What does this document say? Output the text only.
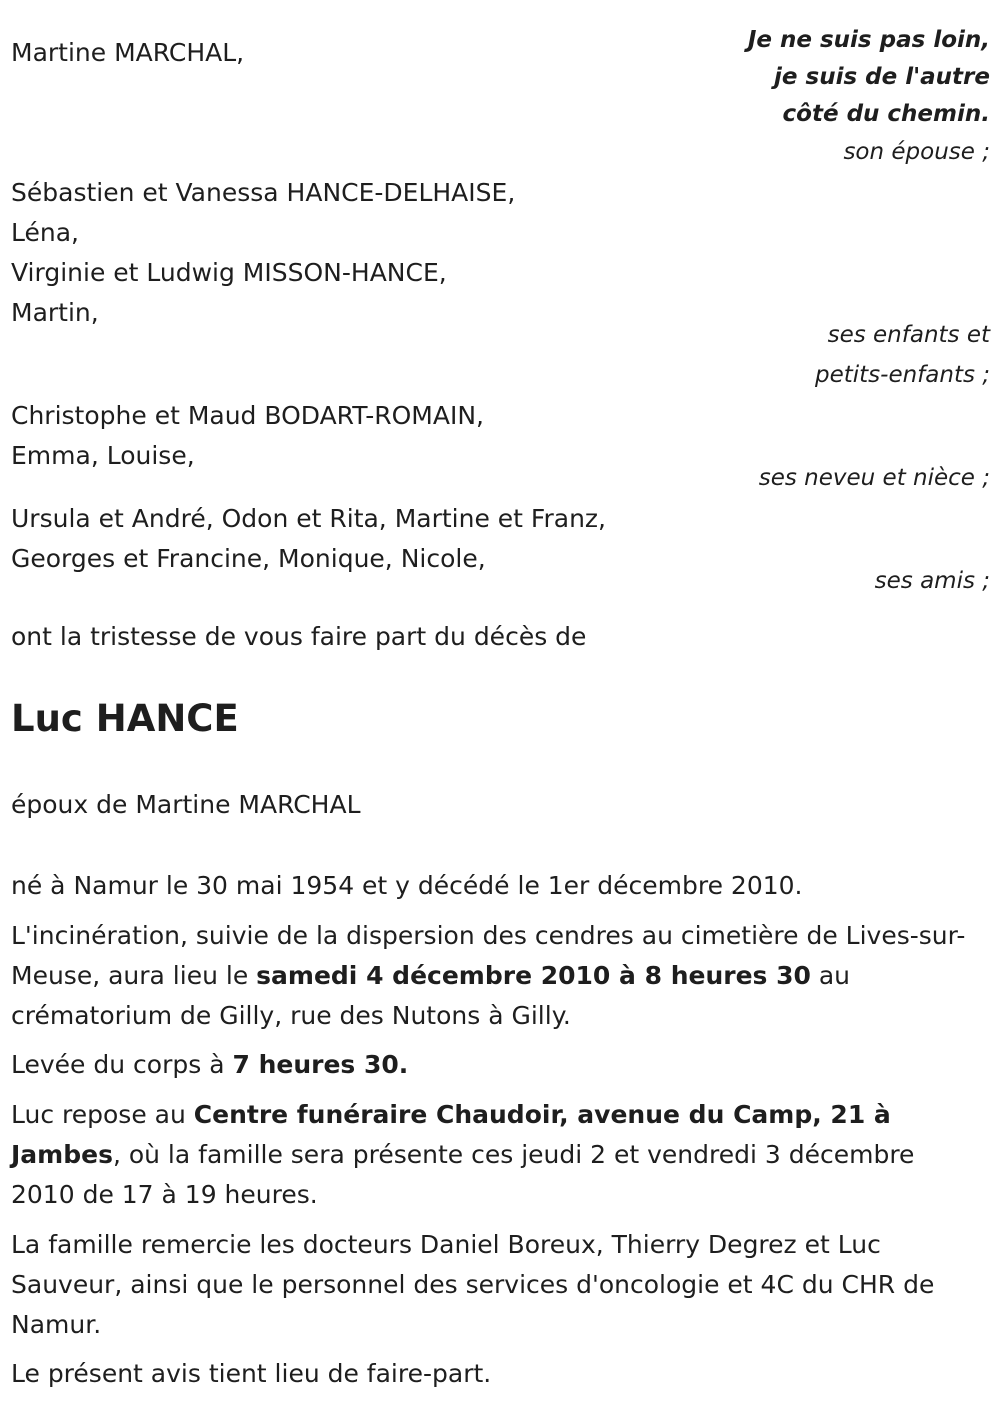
Martine MARCHAL,	Je ne suis pas loin,
je suis de l'autre
côté du chemin.
son épouse ;
Sébastien et Vanessa HANCE-DELHAISE,
Léna,
Virginie et Ludwig MISSON-HANCE,
Martin,
ses enfants et
petits-enfants ;
Christophe et Maud BODART-ROMAIN,
Emma, Louise,
ses neveu et nièce ;
Ursula et André, Odon et Rita, Martine et Franz,
Georges et Francine, Monique, Nicole,
ses amis ;
ont la tristesse de vous faire part du décès de
Luc HANCE
époux de Martine MARCHAL
né à Namur le 30 mai 1954 et y décédé le 1er décembre 2010.
L'incinération, suivie de la dispersion des cendres au cimetière de Lives-sur-Meuse, aura lieu le samedi 4 décembre 2010 à 8 heures 30 au crématorium de Gilly, rue des Nutons à Gilly.
Levée du corps à 7 heures 30.
Luc repose au Centre funéraire Chaudoir, avenue du Camp, 21 à Jambes, où la famille sera présente ces jeudi 2 et vendredi 3 décembre 2010 de 17 à 19 heures.
La famille remercie les docteurs Daniel Boreux, Thierry Degrez et Luc Sauveur, ainsi que le personnel des services d'oncologie et 4C du CHR de Namur.
Le présent avis tient lieu de faire-part.
